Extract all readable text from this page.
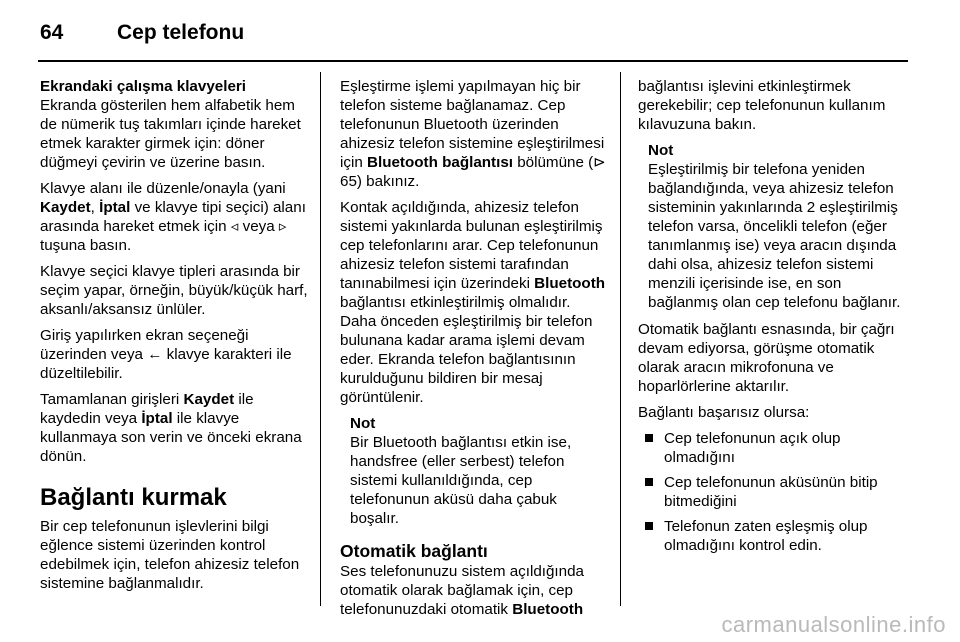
64	Cep telefonu
Ekrandaki çalışma klavyeleri

Ekranda gösterilen hem alfabetik hem de nümerik tuş takımları içinde hareket etmek karakter girmek için: döner düğmeyi çevirin ve üzerine basın.

Klavye alanı ile düzenle/onayla (yani Kaydet, İptal ve klavye tipi seçici) alanı arasında hareket etmek için ◃ veya ▹ tuşuna basın.

Klavye seçici klavye tipleri arasında bir seçim yapar, örneğin, büyük/küçük harf, aksanlı/aksansız ünlüler.

Giriş yapılırken ekran seçeneği üzerinden veya ← klavye karakteri ile düzeltilebilir.

Tamamlanan girişleri Kaydet ile kaydedin veya İptal ile klavye kullanmaya son verin ve önceki ekrana dönün.

Bağlantı kurmak

Bir cep telefonunun işlevlerini bilgi eğlence sistemi üzerinden kontrol edebilmek için, telefon ahizesiz telefon sistemine bağlanmalıdır.

Eşleştirme işlemi yapılmayan hiç bir telefon sisteme bağlanamaz. Cep telefonunun Bluetooth üzerinden ahizesiz telefon sistemine eşleştirilmesi için Bluetooth bağlantısı bölümüne (⊳ 65) bakınız.

Kontak açıldığında, ahizesiz telefon sistemi yakınlarda bulunan eşleştirilmiş cep telefonlarını arar. Cep telefonunun ahizesiz telefon sistemi tarafından tanınabilmesi için üzerindeki Bluetooth bağlantısı etkinleştirilmiş olmalıdır. Daha önceden eşleştirilmiş bir telefon bulunana kadar arama işlemi devam eder. Ekranda telefon bağlantısının kurulduğunu bildiren bir mesaj görüntülenir.

Not
Bir Bluetooth bağlantısı etkin ise, handsfree (eller serbest) telefon sistemi kullanıldığında, cep telefonunun aküsü daha çabuk boşalır.
Otomatik bağlantı

Ses telefonunuzu sistem açıldığında otomatik olarak bağlamak için, cep telefonunuzdaki otomatik Bluetooth

bağlantısı işlevini etkinleştirmek gerekebilir; cep telefonunun kullanım kılavuzuna bakın.

Not
Eşleştirilmiş bir telefona yeniden bağlandığında, veya ahizesiz telefon sisteminin yakınlarında 2 eşleştirilmiş telefon varsa, öncelikli telefon (eğer tanımlanmış ise) veya aracın dışında dahi olsa, ahizesiz telefon sistemi menzili içerisinde ise, en son bağlanmış olan cep telefonu bağlanır.

Otomatik bağlantı esnasında, bir çağrı devam ediyorsa, görüşme otomatik olarak aracın mikrofonuna ve hoparlörlerine aktarılır.

Bağlantı başarısız olursa:

Cep telefonunun açık olup olmadığını
Cep telefonunun aküsünün bitip bitmediğini
Telefonun zaten eşleşmiş olup olmadığını kontrol edin.
carmanualsonline.info
